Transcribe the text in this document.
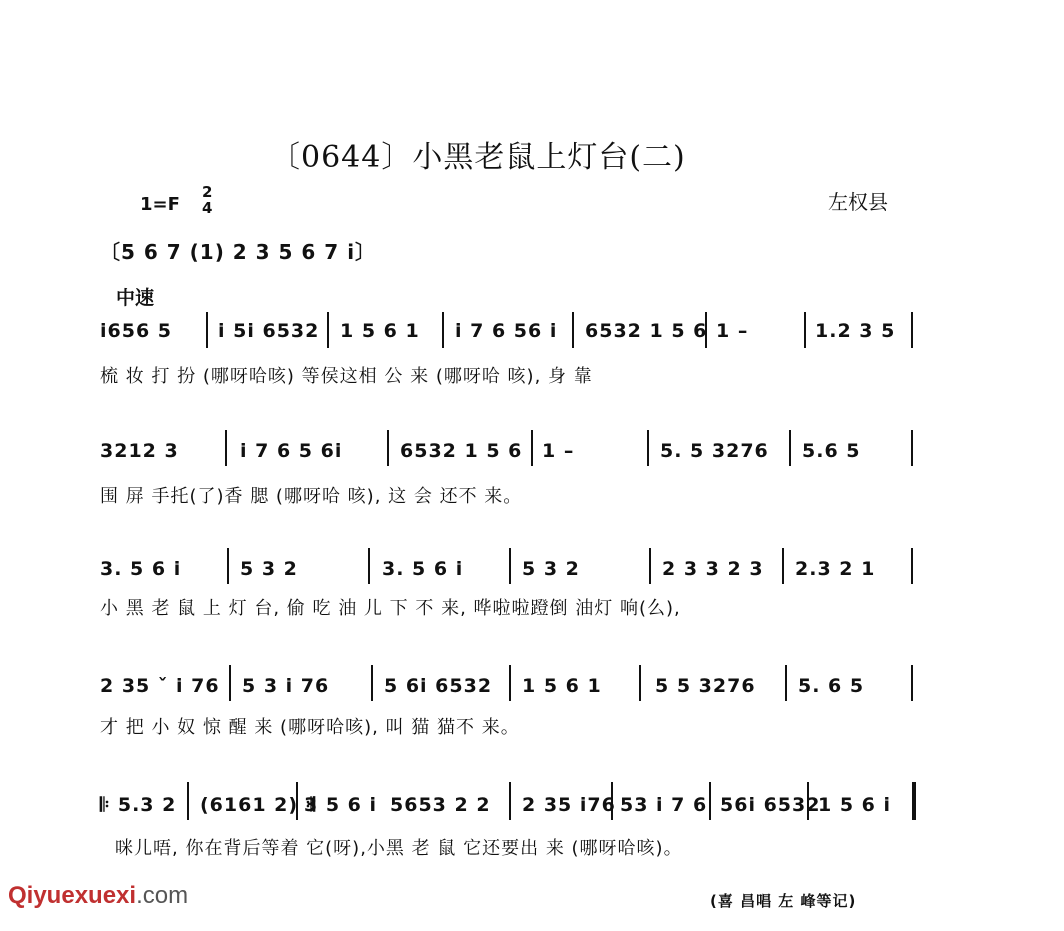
〔0644〕小黑老鼠上灯台(二)
1=F
2
4	左权县
〔5 6 7 (1) 2 3 5 6 7 i〕
中速
i656 5 i 5i 6532 1 5 6 1 i 7 6 56 i 6532 1 5 6 1 –	1.2 3 5
梳 妆 打 扮 (哪呀哈咳) 等侯这相 公 来 (哪呀哈 咳), 身 靠
3212 3	i 7 6 5 6i	6532 1 5 6 1 –	5. 5 3276 5.6 5
围 屏 手托(了)香 腮 (哪呀哈 咳), 这 会 还不 来。
3. 5 6 i	5 3 2	3. 5 6 i	5 3 2	2 3 3 2 3 2.3 2 1
小 黑 老 鼠 上 灯 台, 偷 吃 油 儿 下 不 来, 哗啦啦蹬倒 油灯 响(么),
2 35 ˇ i 76 5 3 i 76	5 6i 6532 1 5 6 1	5 5 3276 5. 6 5
才 把 小 奴 惊 醒 来 (哪呀哈咳), 叫 猫 猫不 来。
𝄆 5.3 2 (6161 2) 𝄇
3 5 6 i 5653 2 2 2 35 i76 53 i 7 6 56i 6532
1 5 6 i
咪儿唔, 你在背后等着 它(呀),小黑 老 鼠 它还要出 来 (哪呀哈咳)。
(喜 昌唱 左 峰等记)
Qiyuexuexi.com
